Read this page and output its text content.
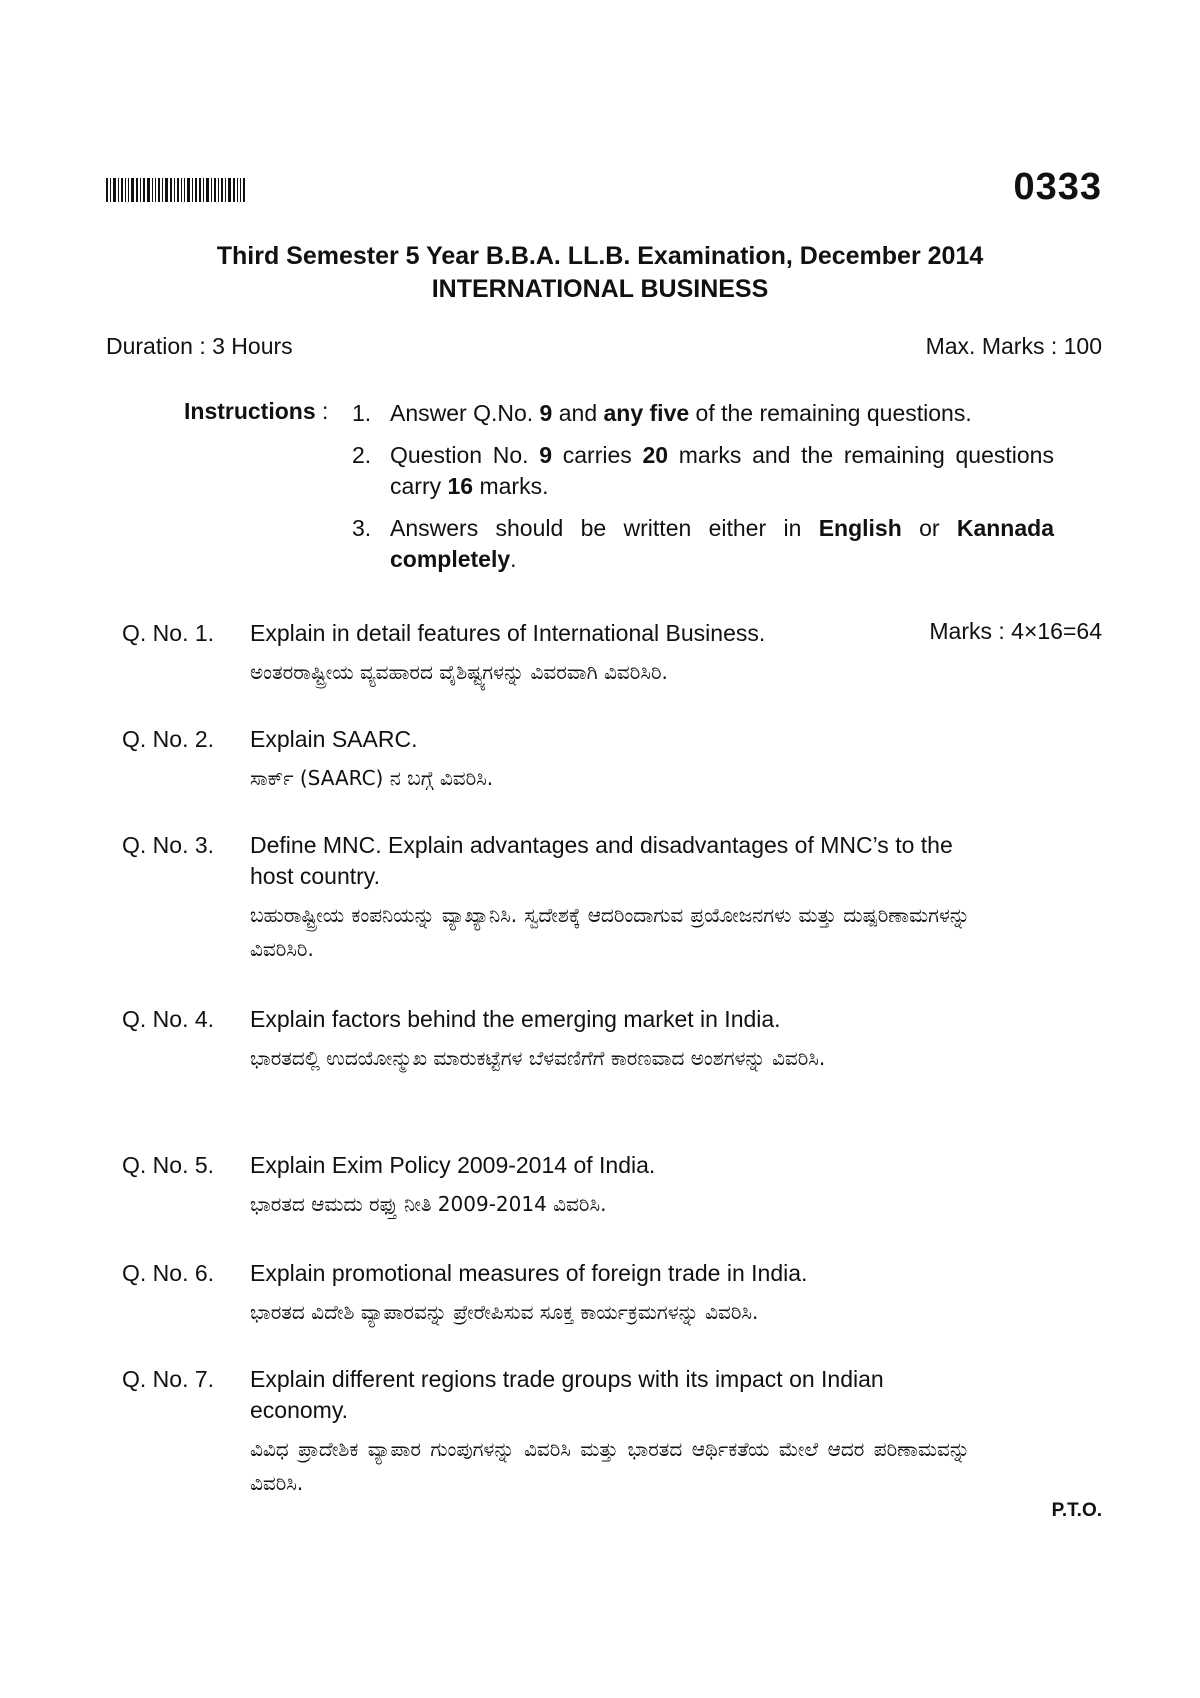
0333
Third Semester 5 Year B.B.A. LL.B. Examination, December 2014
INTERNATIONAL BUSINESS
Duration : 3 Hours	Max. Marks : 100
Instructions : 1. Answer Q.No. 9 and any five of the remaining questions.
2. Question No. 9 carries 20 marks and the remaining questions carry 16 marks.
3. Answers should be written either in English or Kannada completely.
Marks : 4×16=64
Q. No. 1.	Explain in detail features of International Business.
ಅಂತರರಾಷ್ಟ್ರೀಯ ವ್ಯವಹಾರದ ವೈಶಿಷ್ಟ್ಯಗಳನ್ನು ವಿವರವಾಗಿ ವಿವರಿಸಿರಿ.
Q. No. 2.	Explain SAARC.
ಸಾರ್ಕ್ (SAARC) ನ ಬಗ್ಗೆ ವಿವರಿಸಿ.
Q. No. 3.	Define MNC. Explain advantages and disadvantages of MNC’s to the host country.
ಬಹುರಾಷ್ಟ್ರೀಯ ಕಂಪನಿಯನ್ನು ವ್ಯಾಖ್ಯಾನಿಸಿ. ಸ್ವದೇಶಕ್ಕೆ ಆದರಿಂದಾಗುವ ಪ್ರಯೋಜನಗಳು ಮತ್ತು ದುಷ್ಪರಿಣಾಮಗಳನ್ನು ವಿವರಿಸಿರಿ.
Q. No. 4.	Explain factors behind the emerging market in India.
ಭಾರತದಲ್ಲಿ ಉದಯೋನ್ಮುಖ ಮಾರುಕಟ್ಟೆಗಳ ಬೆಳವಣಿಗೆಗೆ ಕಾರಣವಾದ ಅಂಶಗಳನ್ನು ವಿವರಿಸಿ.
Q. No. 5.	Explain Exim Policy 2009-2014 of India.
ಭಾರತದ ಆಮದು ರಫ್ತು ನೀತಿ 2009-2014 ವಿವರಿಸಿ.
Q. No. 6.	Explain promotional measures of foreign trade in India.
ಭಾರತದ ವಿದೇಶಿ ವ್ಯಾಪಾರವನ್ನು ಪ್ರೇರೇಪಿಸುವ ಸೂಕ್ತ ಕಾರ್ಯಕ್ರಮಗಳನ್ನು ವಿವರಿಸಿ.
Q. No. 7.	Explain different regions trade groups with its impact on Indian economy.
ವಿವಿಧ ಪ್ರಾದೇಶಿಕ ವ್ಯಾಪಾರ ಗುಂಪುಗಳನ್ನು ವಿವರಿಸಿ ಮತ್ತು ಭಾರತದ ಆರ್ಥಿಕತೆಯ ಮೇಲೆ ಆದರ ಪರಿಣಾಮವನ್ನು ವಿವರಿಸಿ.
P.T.O.
